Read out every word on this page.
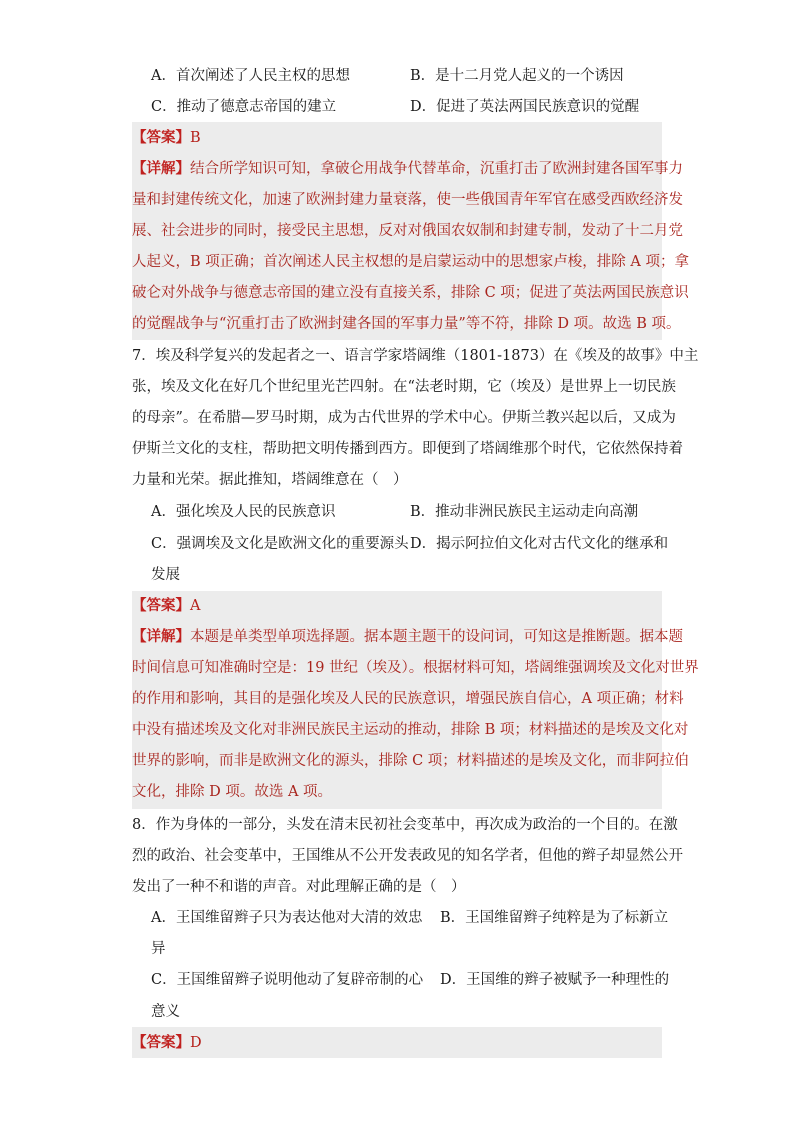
A．首次阐述了人民主权的思想	B．是十二月党人起义的一个诱因
C．推动了德意志帝国的建立	D．促进了英法两国民族意识的觉醒
【答案】B
【详解】结合所学知识可知，拿破仑用战争代替革命，沉重打击了欧洲封建各国军事力
量和封建传统文化，加速了欧洲封建力量衰落，使一些俄国青年军官在感受西欧经济发
展、社会进步的同时，接受民主思想，反对对俄国农奴制和封建专制，发动了十二月党
人起义，B 项正确；首次阐述人民主权想的是启蒙运动中的思想家卢梭，排除 A 项；拿
破仑对外战争与德意志帝国的建立没有直接关系，排除 C 项；促进了英法两国民族意识
的觉醒战争与“沉重打击了欧洲封建各国的军事力量”等不符，排除 D 项。故选 B 项。
7．埃及科学复兴的发起者之一、语言学家塔阔维（1801-1873）在《埃及的故事》中主
张，埃及文化在好几个世纪里光芒四射。在“法老时期，它（埃及）是世界上一切民族
的母亲”。在希腊—罗马时期，成为古代世界的学术中心。伊斯兰教兴起以后，又成为
伊斯兰文化的支柱，帮助把文明传播到西方。即便到了塔阔维那个时代，它依然保持着
力量和光荣。据此推知，塔阔维意在（　）
A．强化埃及人民的民族意识	B．推动非洲民族民主运动走向高潮
C．强调埃及文化是欧洲文化的重要源头 D．揭示阿拉伯文化对古代文化的继承和
发展
【答案】A
【详解】本题是单类型单项选择题。据本题主题干的设问词，可知这是推断题。据本题
时间信息可知准确时空是：19 世纪（埃及）。根据材料可知，塔阔维强调埃及文化对世界
的作用和影响，其目的是强化埃及人民的民族意识，增强民族自信心，A 项正确；材料
中没有描述埃及文化对非洲民族民主运动的推动，排除 B 项；材料描述的是埃及文化对
世界的影响，而非是欧洲文化的源头，排除 C 项；材料描述的是埃及文化，而非阿拉伯
文化，排除 D 项。故选 A 项。
8．作为身体的一部分，头发在清末民初社会变革中，再次成为政治的一个目的。在激
烈的政治、社会变革中，王国维从不公开发表政见的知名学者，但他的辫子却显然公开
发出了一种不和谐的声音。对此理解正确的是（　）
A．王国维留辫子只为表达他对大清的效忠 B．王国维留辫子纯粹是为了标新立
异
C．王国维留辫子说明他动了复辟帝制的心 D．王国维的辫子被赋予一种理性的
意义
【答案】D
